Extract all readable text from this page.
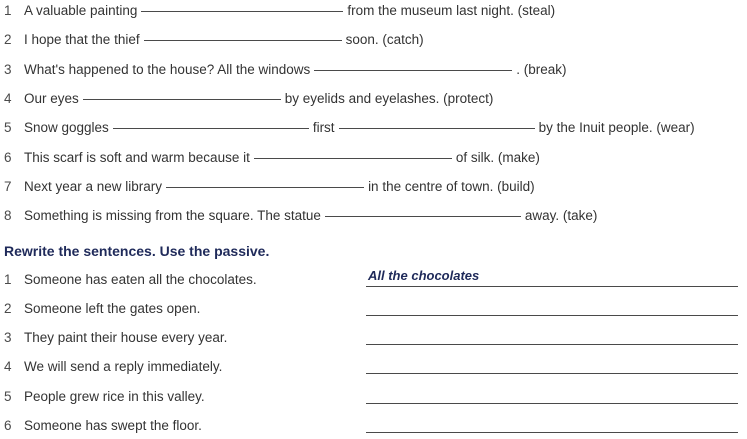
1 A valuable painting	from the museum last night. (steal)
2 I hope that the thief	soon. (catch)
3 What's happened to the house? All the windows	. (break)
4 Our eyes	by eyelids and eyelashes. (protect)
5 Snow goggles	first	by the Inuit people. (wear)
6 This scarf is soft and warm because it	of silk. (make)
7 Next year a new library	in the centre of town. (build)
8 Something is missing from the square. The statue	away. (take)
Rewrite the sentences. Use the passive.
1 Someone has eaten all the chocolates.	All the chocolates
2 Someone left the gates open.
3 They paint their house every year.
4 We will send a reply immediately.
5 People grew rice in this valley.
6 Someone has swept the floor.
